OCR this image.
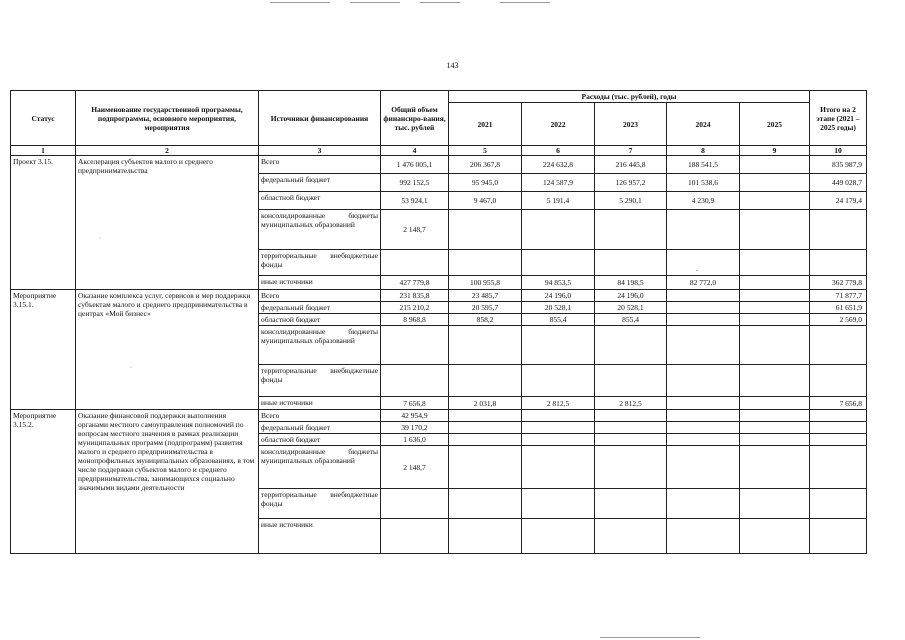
143
Статус	Наименование государственной программы, подпрограммы, основного мероприятия, мероприятия	Источники финансирования	Общий объем финансиро-вания, тыс. рублей	Расходы (тыс. рублей), годы					Итого на 2 этапе (2021 – 2025 годы)
				2021	2022	2023	2024	2025	
1	2	3	4	5	6	7	8	9	10
Проект 3.15.	Акселерация субъектов малого и среднего предпринимательства	Всего	1 476 005,1	206 367,8	224 632,8	216 445,8	188 541,5		835 987,9
		федеральный бюджет	992 152,5	95 945,0	124 587,9	126 957,2	101 538,6		449 028,7
		областной бюджет	53 924,1	9 467,0	5 191,4	5 290,1	4 230,9		24 179,4
		консолидированные бюджеты муниципальных образований	2 148,7						
		территориальные внебюджетные фонды							
		иные источники	427 779,8	100 955,8	94 853,5	84 198,5	82 772,0		362 779,8
Мероприятие 3.15.1.	Оказание комплекса услуг, сервисов и мер поддержки субъектам малого и среднего предпринимательства в центрах «Мой бизнес»	Всего	231 835,8	23 485,7	24 196,0	24 196,0			71 877,7
		федеральный бюджет	215 210,2	20 595,7	20 528,1	20 528,1			61 651,9
		областной бюджет	8 968,8	858,2	855,4	855,4			2 569,0
		консолидированные бюджеты муниципальных образований							
		территориальные внебюджетные фонды							
		иные источники	7 656,8	2 031,8	2 812,5	2 812,5			7 656,8
Мероприятие 3.15.2.	Оказание финансовой поддержки выполнения органами местного самоуправления полномочий по вопросам местного значения в рамках реализации муниципальных программ (подпрограмм) развития малого и среднего предпринимательства в монопрофильных муниципальных образованиях, в том числе поддержки субъектов малого и среднего предпринимательства, занимающихся социально значимыми видами деятельности	Всего	42 954,9						
		федеральный бюджет	39 170,2						
		областной бюджет	1 636,0						
		консолидированные бюджеты муниципальных образований	2 148,7						
		территориальные внебюджетные фонды							
		иные источники							
·
·
-
